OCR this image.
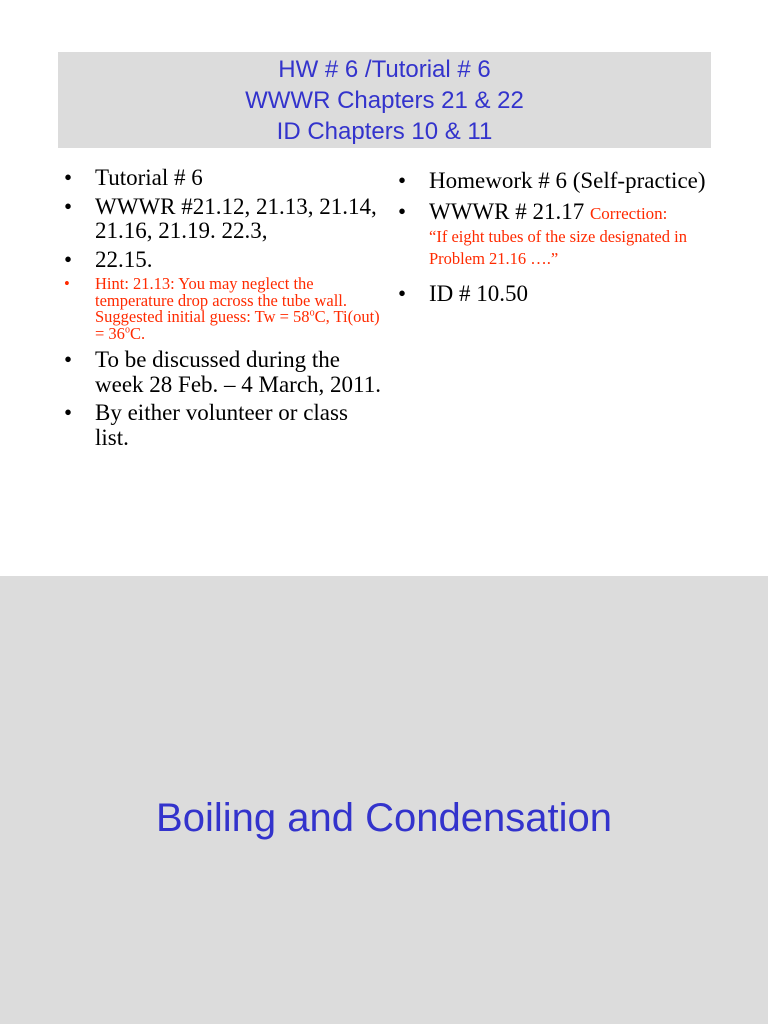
HW # 6 /Tutorial # 6
WWWR Chapters 21 & 22
ID Chapters 10 & 11
• Tutorial # 6
• WWWR #21.12, 21.13, 21.14, 21.16, 21.19. 22.3,
• 22.15.
• Hint: 21.13: You may neglect the temperature drop across the tube wall. Suggested initial guess: $Tw = 58^oC$, $Ti(out) = 36^oC$.
• To be discussed during the week 28 Feb. – 4 March, 2011.
• By either volunteer or class list.
• Homework # 6 (Self-practice)
• WWWR # 21.17 Correction:
“If eight tubes of the size designated in Problem 21.16 ….”
• ID # 10.50
Boiling and Condensation
